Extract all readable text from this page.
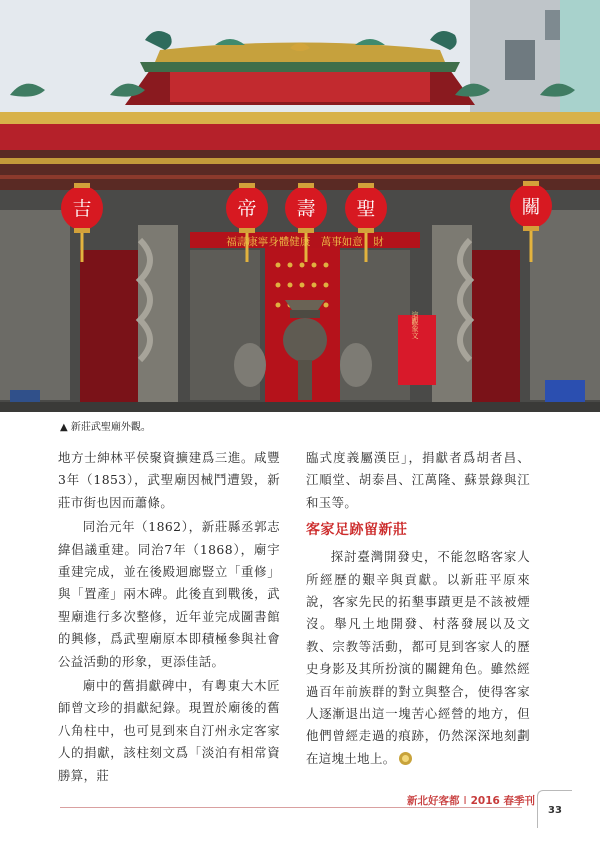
吉	帝 壽 聖	關
福壽康寧身體健康　萬事如意　財
這觀象文
▲ 新莊武聖廟外觀。

地方士紳林平侯聚資擴建爲三進。咸豐3年（1853），武聖廟因械鬥遭毀，新莊市街也因而蕭條。

同治元年（1862），新莊縣丞郭志緯倡議重建。同治7年（1868），廟宇重建完成，並在後殿迴廊豎立「重修」與「置產」兩木碑。此後直到戰後，武聖廟進行多次整修，近年並完成圖書館的興修，爲武聖廟原本即積極參與社會公益活動的形象，更添佳話。

廟中的舊捐獻碑中，有粵東大木匠師曾文珍的捐獻紀錄。現置於廟後的舊八角柱中，也可見到來自汀州永定客家人的捐獻，該柱刻文爲「淡泊有相常資勝算，莊

臨式度義屬漢臣」，捐獻者爲胡者昌、江順堂、胡泰昌、江萬隆、蘇景錄與江和玉等。

客家足跡留新莊

探討臺灣開發史，不能忽略客家人所經歷的艱辛與貢獻。以新莊平原來說，客家先民的拓墾事蹟更是不該被煙沒。舉凡土地開發、村落發展以及文教、宗教等活動，都可見到客家人的歷史身影及其所扮演的關鍵角色。雖然經過百年前族群的對立與整合，使得客家人逐漸退出這一塊苦心經營的地方，但他們曾經走過的痕跡，仍然深深地刻劃在這塊土地上。

新北好客都 I 2016 春季刊
33
